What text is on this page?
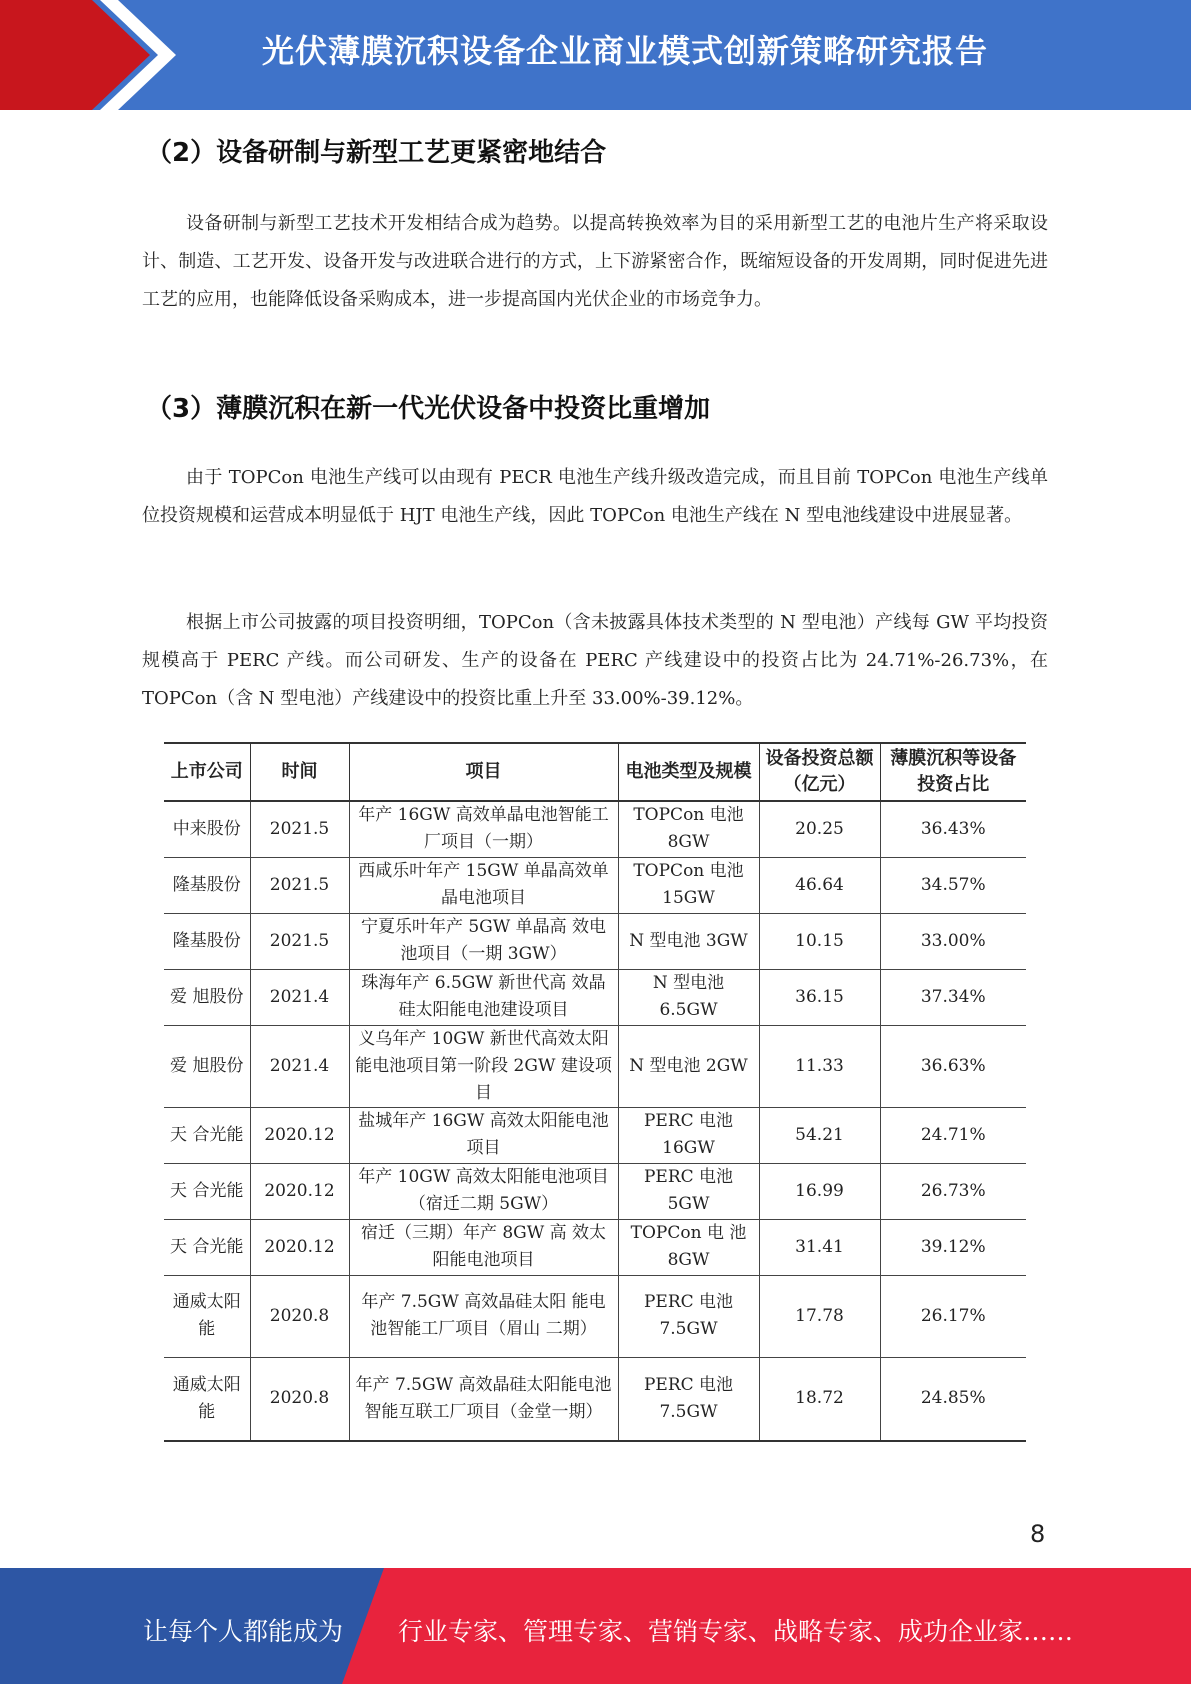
光伏薄膜沉积设备企业商业模式创新策略研究报告
（2）设备研制与新型工艺更紧密地结合
设备研制与新型工艺技术开发相结合成为趋势。以提高转换效率为目的采用新型工艺的电池片生产将采取设计、制造、工艺开发、设备开发与改进联合进行的方式，上下游紧密合作，既缩短设备的开发周期，同时促进先进工艺的应用，也能降低设备采购成本，进一步提高国内光伏企业的市场竞争力。
（3）薄膜沉积在新一代光伏设备中投资比重增加
由于 TOPCon 电池生产线可以由现有 PECR 电池生产线升级改造完成，而且目前 TOPCon 电池生产线单位投资规模和运营成本明显低于 HJT 电池生产线，因此 TOPCon 电池生产线在 N 型电池线建设中进展显著。
根据上市公司披露的项目投资明细，TOPCon（含未披露具体技术类型的 N 型电池）产线每 GW 平均投资规模高于 PERC 产线。而公司研发、生产的设备在 PERC 产线建设中的投资占比为 24.71%-26.73%，在 TOPCon（含 N 型电池）产线建设中的投资比重上升至 33.00%-39.12%。
上市公司	时间	项目	电池类型及规模	设备投资总额（亿元）	薄膜沉积等设备投资占比
中来股份	2021.5	年产 16GW 高效单晶电池智能工厂项目（一期）	TOPCon 电池 8GW	20.25	36.43%
隆基股份	2021.5	西咸乐叶年产 15GW 单晶高效单晶电池项目	TOPCon 电池 15GW	46.64	34.57%
隆基股份	2021.5	宁夏乐叶年产 5GW 单晶高 效电池项目（一期 3GW）	N 型电池 3GW	10.15	33.00%
爱 旭股份	2021.4	珠海年产 6.5GW 新世代高 效晶硅太阳能电池建设项目	N 型电池 6.5GW	36.15	37.34%
爱 旭股份	2021.4	义乌年产 10GW 新世代高效太阳能电池项目第一阶段 2GW 建设项目	N 型电池 2GW	11.33	36.63%
天 合光能	2020.12	盐城年产 16GW 高效太阳能电池项目	PERC 电池 16GW	54.21	24.71%
天 合光能	2020.12	年产 10GW 高效太阳能电池项目（宿迁二期 5GW）	PERC 电池 5GW	16.99	26.73%
天 合光能	2020.12	宿迁（三期）年产 8GW 高 效太阳能电池项目	TOPCon 电 池 8GW	31.41	39.12%
通威太阳能	2020.8	年产 7.5GW 高效晶硅太阳 能电池智能工厂项目（眉山 二期）	PERC 电池 7.5GW	17.78	26.17%
通威太阳能	2020.8	年产 7.5GW 高效晶硅太阳能电池智能互联工厂项目（金堂一期）	PERC 电池 7.5GW	18.72	24.85%
8
让每个人都能成为 行业专家、管理专家、营销专家、战略专家、成功企业家……
